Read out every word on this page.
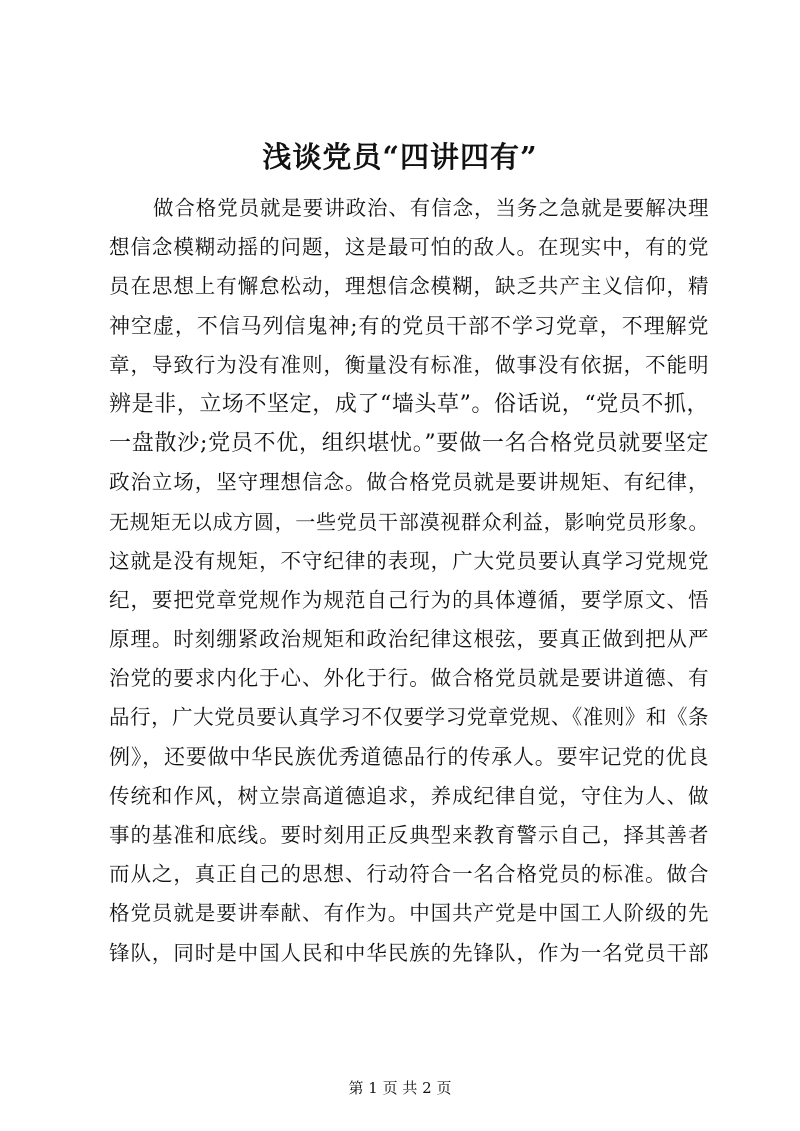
浅谈党员“四讲四有”
做合格党员就是要讲政治、有信念，当务之急就是要解决理
想信念模糊动摇的问题，这是最可怕的敌人。在现实中，有的党
员在思想上有懈怠松动，理想信念模糊，缺乏共产主义信仰，精
神空虚，不信马列信鬼神;有的党员干部不学习党章，不理解党
章，导致行为没有准则，衡量没有标准，做事没有依据，不能明
辨是非，立场不坚定，成了“墙头草”。俗话说，“党员不抓，
一盘散沙;党员不优，组织堪忧。”要做一名合格党员就要坚定
政治立场，坚守理想信念。做合格党员就是要讲规矩、有纪律，
无规矩无以成方圆，一些党员干部漠视群众利益，影响党员形象。
这就是没有规矩，不守纪律的表现，广大党员要认真学习党规党
纪，要把党章党规作为规范自己行为的具体遵循，要学原文、悟
原理。时刻绷紧政治规矩和政治纪律这根弦，要真正做到把从严
治党的要求内化于心、外化于行。做合格党员就是要讲道德、有
品行，广大党员要认真学习不仅要学习党章党规、《准则》和《条
例》，还要做中华民族优秀道德品行的传承人。要牢记党的优良
传统和作风，树立崇高道德追求，养成纪律自觉，守住为人、做
事的基准和底线。要时刻用正反典型来教育警示自己，择其善者
而从之，真正自己的思想、行动符合一名合格党员的标准。做合
格党员就是要讲奉献、有作为。中国共产党是中国工人阶级的先
锋队，同时是中国人民和中华民族的先锋队，作为一名党员干部
第 1 页 共 2 页
